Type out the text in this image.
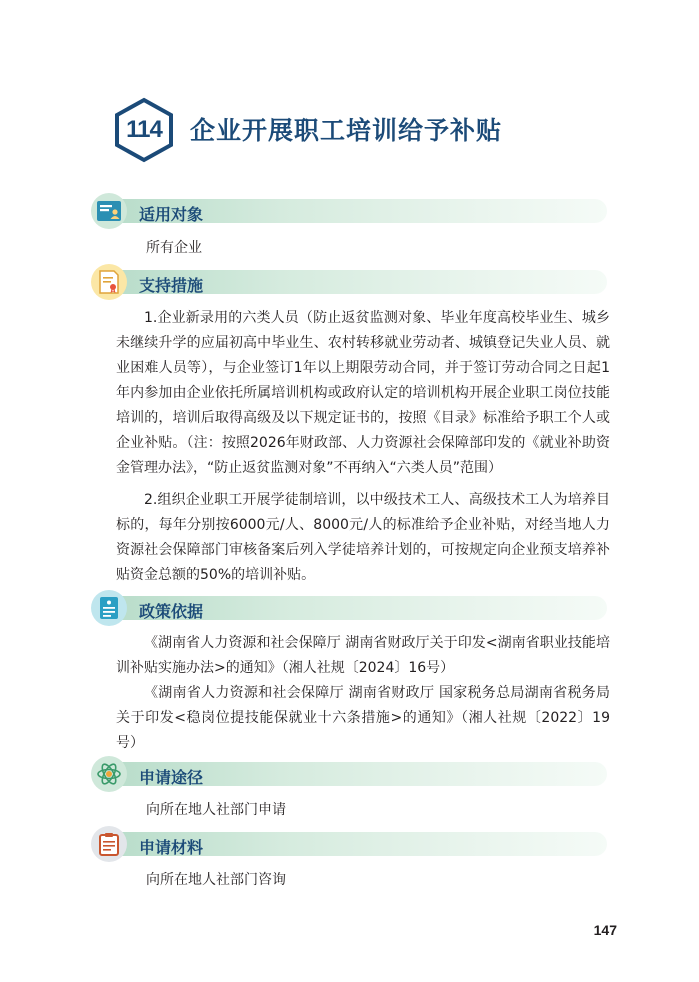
114	企业开展职工培训给予补贴
适用对象

所有企业

支持措施

1.企业新录用的六类人员（防止返贫监测对象、毕业年度高校毕业生、城乡未继续升学的应届初高中毕业生、农村转移就业劳动者、城镇登记失业人员、就业困难人员等），与企业签订1年以上期限劳动合同，并于签订劳动合同之日起1年内参加由企业依托所属培训机构或政府认定的培训机构开展企业职工岗位技能培训的，培训后取得高级及以下规定证书的，按照《目录》标准给予职工个人或企业补贴。（注：按照2026年财政部、人力资源社会保障部印发的《就业补助资金管理办法》，“防止返贫监测对象”不再纳入“六类人员”范围）

2.组织企业职工开展学徒制培训，以中级技术工人、高级技术工人为培养目标的，每年分别按6000元/人、8000元/人的标准给予企业补贴，对经当地人力资源社会保障部门审核备案后列入学徒培养计划的，可按规定向企业预支培养补贴资金总额的50%的培训补贴。

政策依据

《湖南省人力资源和社会保障厅 湖南省财政厅关于印发<湖南省职业技能培训补贴实施办法>的通知》（湘人社规〔2024〕16号）

《湖南省人力资源和社会保障厅 湖南省财政厅 国家税务总局湖南省税务局关于印发<稳岗位提技能保就业十六条措施>的通知》（湘人社规〔2022〕19号）

申请途径

向所在地人社部门申请

申请材料

向所在地人社部门咨询

147
